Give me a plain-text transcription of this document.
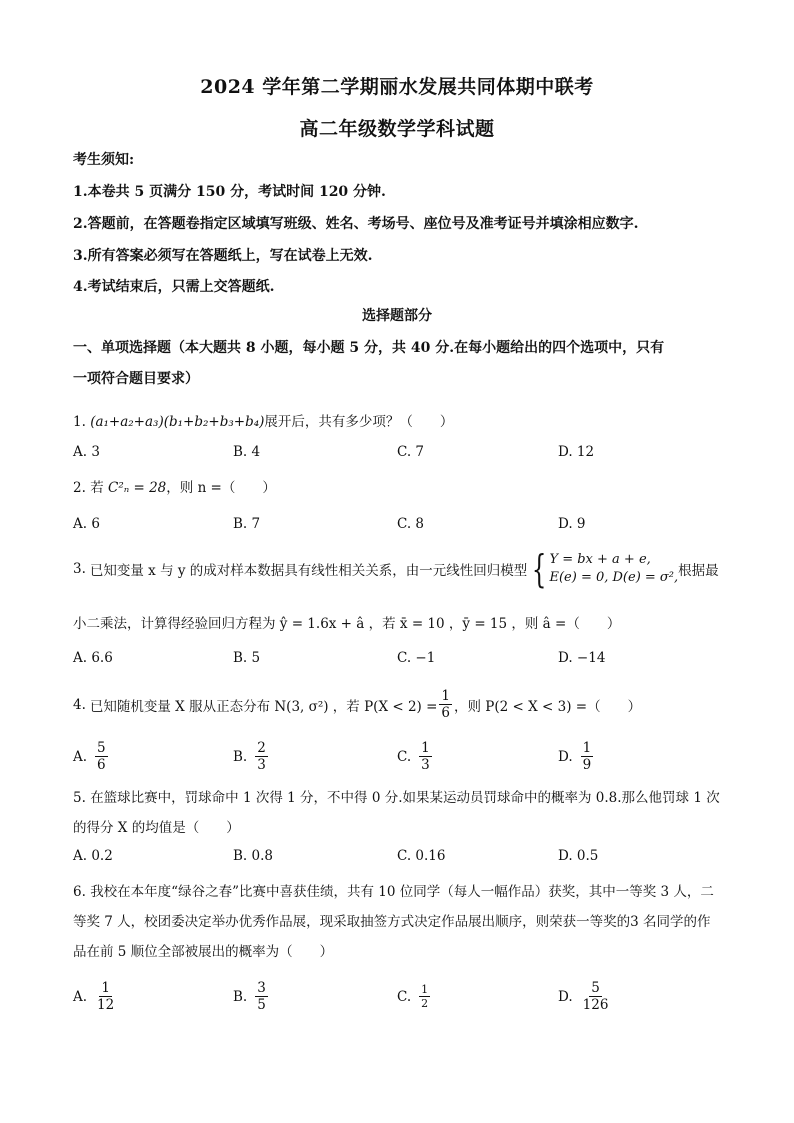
2024 学年第二学期丽水发展共同体期中联考
高二年级数学学科试题
考生须知:
1.本卷共 5 页满分 150 分，考试时间 120 分钟.
2.答题前，在答题卷指定区域填写班级、姓名、考场号、座位号及准考证号并填涂相应数字.
3.所有答案必须写在答题纸上，写在试卷上无效.
4.考试结束后，只需上交答题纸.
选择题部分
一、单项选择题（本大题共 8 小题，每小题 5 分，共 40 分.在每小题给出的四个选项中，只有
一项符合题目要求）
1. (a₁+a₂+a₃)(b₁+b₂+b₃+b₄)展开后，共有多少项？（　　）
A. 3	B. 4	C. 7	D. 12
2. 若 C²ₙ = 28，则 n =（　　）
A. 6	B. 7	C. 8	D. 9
3. 已知变量 x 与 y 的成对样本数据具有线性相关关系，由一元线性回归模型 { Y = bx + a + e,
E(e) = 0, D(e) = σ², 根据最
小二乘法，计算得经验回归方程为 ŷ = 1.6x + â ，若 x̄ = 10 ，ȳ = 15 ，则 â =（　　）
A. 6.6	B. 5	C. −1	D. −14
4. 已知随机变量 X 服从正态分布 N(3, σ²) ，若 $P(X < 2) = \frac{1}{6}$ ，则 P(2 < X < 3) =（　　）
A. $\frac{5}{6}$	B. $\frac{2}{3}$	C. $\frac{1}{3}$	D. $\frac{1}{9}$
5. 在篮球比赛中，罚球命中 1 次得 1 分，不中得 0 分.如果某运动员罚球命中的概率为 0.8.那么他罚球 1 次
的得分 X 的均值是（　　）
A. 0.2	B. 0.8	C. 0.16	D. 0.5
6. 我校在本年度“绿谷之春”比赛中喜获佳绩，共有 10 位同学（每人一幅作品）获奖，其中一等奖 3 人，二
等奖 7 人，校团委决定举办优秀作品展，现采取抽签方式决定作品展出顺序，则荣获一等奖的3 名同学的作
品在前 5 顺位全部被展出的概率为（　　）
A. $\frac{1}{12}$	B. $\frac{3}{5}$	C. $\frac{1}{2}$	D. $\frac{5}{126}$
